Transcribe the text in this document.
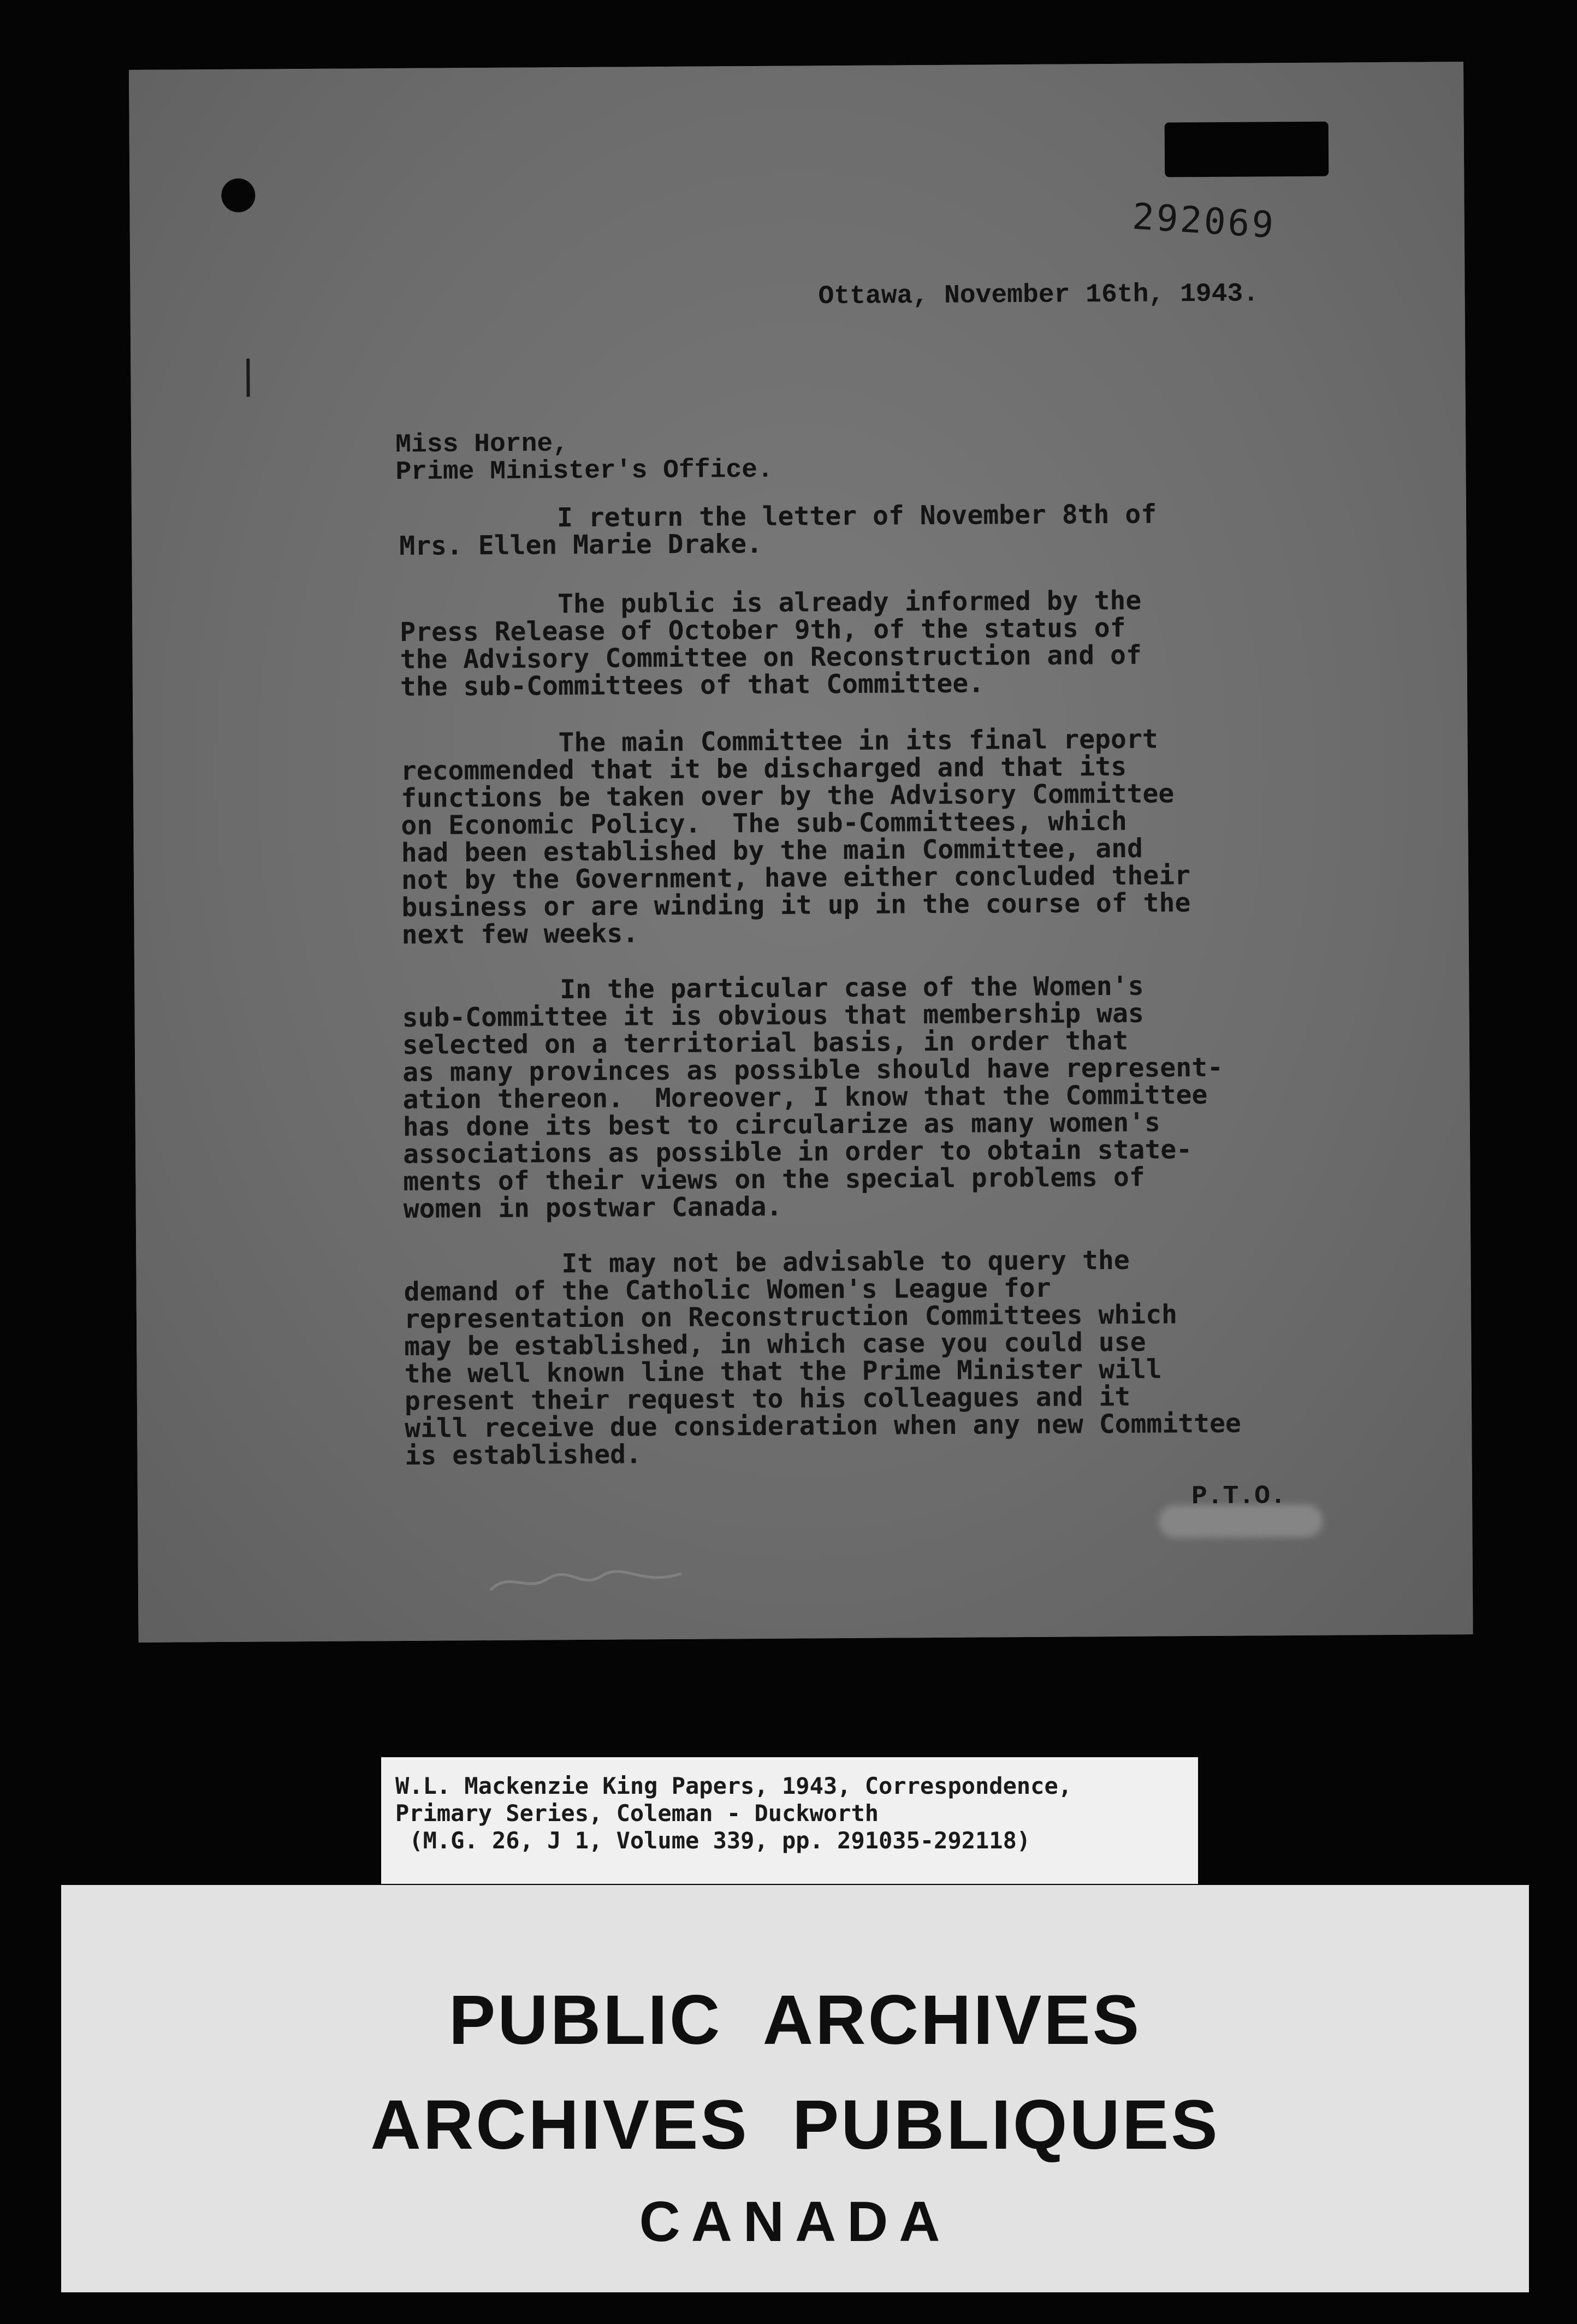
292069
Ottawa, November 16th, 1943.
Miss Horne,
Prime Minister's Office.
I return the letter of November 8th of
Mrs. Ellen Marie Drake.
The public is already informed by the
Press Release of October 9th, of the status of
the Advisory Committee on Reconstruction and of
the sub-Committees of that Committee.
The main Committee in its final report
recommended that it be discharged and that its
functions be taken over by the Advisory Committee
on Economic Policy.  The sub-Committees, which
had been established by the main Committee, and
not by the Government, have either concluded their
business or are winding it up in the course of the
next few weeks.
In the particular case of the Women's
sub-Committee it is obvious that membership was
selected on a territorial basis, in order that
as many provinces as possible should have represent-
ation thereon.  Moreover, I know that the Committee
has done its best to circularize as many women's
associations as possible in order to obtain state-
ments of their views on the special problems of
women in postwar Canada.
It may not be advisable to query the
demand of the Catholic Women's League for
representation on Reconstruction Committees which
may be established, in which case you could use
the well known line that the Prime Minister will
present their request to his colleagues and it
will receive due consideration when any new Committee
is established.
P.T.O.
W.L. Mackenzie King Papers, 1943, Correspondence,
Primary Series, Coleman - Duckworth
(M.G. 26, J 1, Volume 339, pp. 291035-292118)
PUBLIC  ARCHIVES
ARCHIVES  PUBLIQUES
CANADA
